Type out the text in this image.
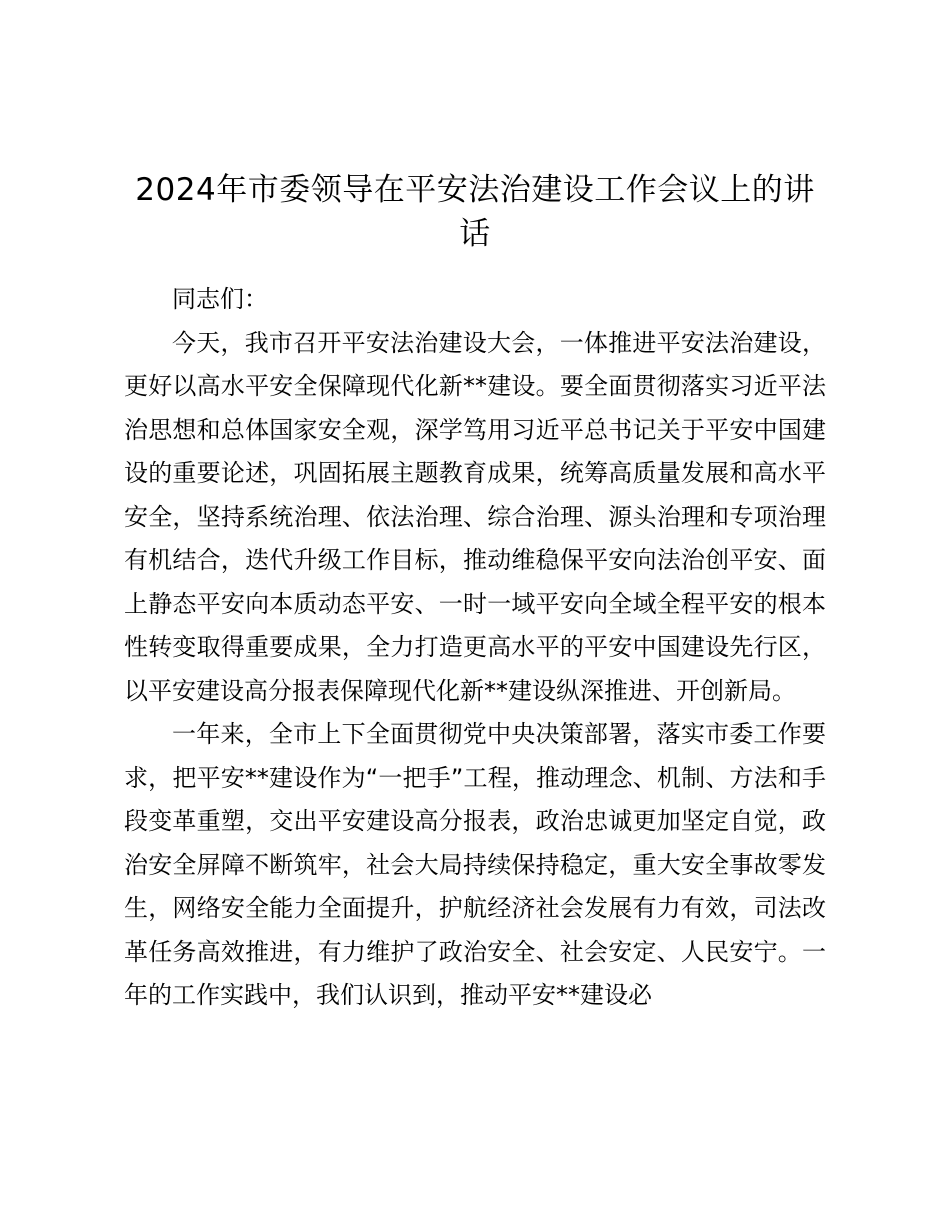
2024年市委领导在平安法治建设工作会议上的讲话

同志们：

今天，我市召开平安法治建设大会，一体推进平安法治建设，更好以高水平安全保障现代化新**建设。要全面贯彻落实习近平法治思想和总体国家安全观，深学笃用习近平总书记关于平安中国建设的重要论述，巩固拓展主题教育成果，统筹高质量发展和高水平安全，坚持系统治理、依法治理、综合治理、源头治理和专项治理有机结合，迭代升级工作目标，推动维稳保平安向法治创平安、面上静态平安向本质动态平安、一时一域平安向全域全程平安的根本性转变取得重要成果，全力打造更高水平的平安中国建设先行区，以平安建设高分报表保障现代化新**建设纵深推进、开创新局。

一年来，全市上下全面贯彻党中央决策部署，落实市委工作要求，把平安**建设作为“一把手”工程，推动理念、机制、方法和手段变革重塑，交出平安建设高分报表，政治忠诚更加坚定自觉，政治安全屏障不断筑牢，社会大局持续保持稳定，重大安全事故零发生，网络安全能力全面提升，护航经济社会发展有力有效，司法改革任务高效推进，有力维护了政治安全、社会安定、人民安宁。一年的工作实践中，我们认识到，推动平安**建设必
